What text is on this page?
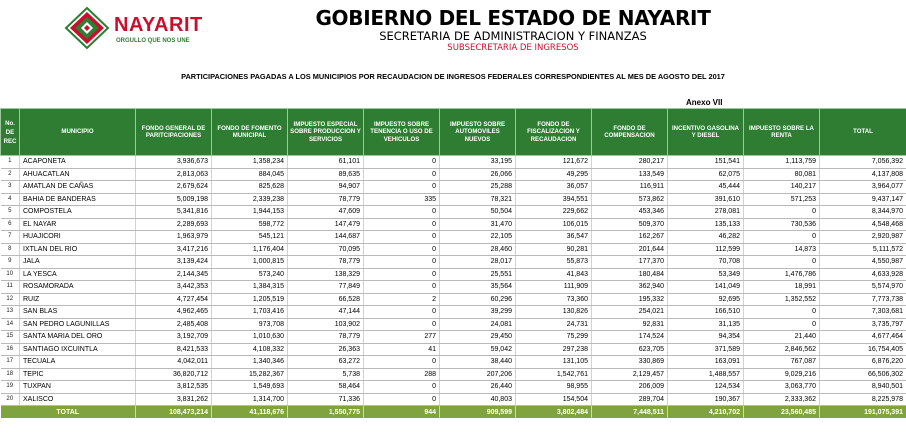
NAYARIT
ORGULLO QUE NOS UNE
GOBIERNO DEL ESTADO DE NAYARIT
SECRETARIA DE ADMINISTRACION Y FINANZAS
SUBSECRETARIA DE INGRESOS
PARTICIPACIONES PAGADAS A LOS MUNICIPIOS POR RECAUDACION DE INGRESOS FEDERALES CORRESPONDIENTES AL MES DE AGOSTO DEL 2017
Anexo VII
No.
DE
REC	MUNICIPIO	FONDO GENERAL DE PARITCIPACIONES	FONDO DE FOMENTO MUNICIPAL	IMPUESTO ESPECIAL SOBRE PRODUCCION Y SERVICIOS	IMPUESTO SOBRE TENENCIA O USO DE VEHICULOS	IMPUESTO SOBRE AUTOMOVILES NUEVOS	FONDO DE FISCALIZACION Y RECAUDACION	FONDO DE COMPENSACION	INCENTIVO GASOLINA Y DIESEL	IMPUESTO SOBRE LA RENTA	TOTAL
1	ACAPONETA	3,936,673	1,358,234	61,101	0	33,195	121,672	280,217	151,541	1,113,759	7,056,392
2	AHUACATLAN	2,813,063	884,045	89,635	0	26,066	49,295	133,549	62,075	80,081	4,137,808
3	AMATLAN DE CAÑAS	2,679,624	825,628	94,907	0	25,288	36,057	116,911	45,444	140,217	3,964,077
4	BAHIA DE BANDERAS	5,009,198	2,339,238	78,779	335	78,321	394,551	573,862	391,610	571,253	9,437,147
5	COMPOSTELA	5,341,816	1,944,153	47,609	0	50,504	229,662	453,346	278,081	0	8,344,970
6	EL NAYAR	2,289,693	598,772	147,479	0	31,470	106,015	509,370	135,133	730,536	4,548,468
7	HUAJICORI	1,963,979	545,121	144,687	0	22,105	36,547	162,267	46,282	0	2,920,987
8	IXTLAN DEL RIO	3,417,216	1,176,404	70,095	0	28,460	90,281	201,644	112,599	14,873	5,111,572
9	JALA	3,139,424	1,000,815	78,779	0	28,017	55,873	177,370	70,708	0	4,550,987
10	LA YESCA	2,144,345	573,240	138,329	0	25,551	41,843	180,484	53,349	1,476,786	4,633,928
11	ROSAMORADA	3,442,353	1,384,315	77,849	0	35,564	111,909	362,940	141,049	18,991	5,574,970
12	RUIZ	4,727,454	1,205,519	66,528	2	60,296	73,360	195,332	92,695	1,352,552	7,773,738
13	SAN BLAS	4,962,465	1,703,416	47,144	0	39,299	130,826	254,021	166,510	0	7,303,681
14	SAN PEDRO LAGUNILLAS	2,485,408	973,708	103,902	0	24,081	24,731	92,831	31,135	0	3,735,797
15	SANTA MARIA DEL ORO	3,192,709	1,010,630	78,779	277	29,450	75,299	174,524	94,354	21,440	4,677,464
16	SANTIAGO IXCUINTLA	8,421,533	4,108,332	26,363	41	59,042	297,238	623,705	371,589	2,846,562	16,754,405
17	TECUALA	4,042,011	1,340,346	63,272	0	38,440	131,105	330,869	163,091	767,087	6,876,220
18	TEPIC	36,820,712	15,282,367	5,738	288	207,206	1,542,761	2,129,457	1,488,557	9,029,216	66,506,302
19	TUXPAN	3,812,535	1,549,693	58,464	0	26,440	98,955	206,009	124,534	3,063,770	8,940,501
20	XALISCO	3,831,262	1,314,700	71,336	0	40,803	154,504	289,704	190,367	2,333,362	8,225,978
TOTAL		108,473,214	41,118,676	1,550,775	944	909,599	3,802,484	7,448,511	4,210,702	23,560,485	191,075,391
